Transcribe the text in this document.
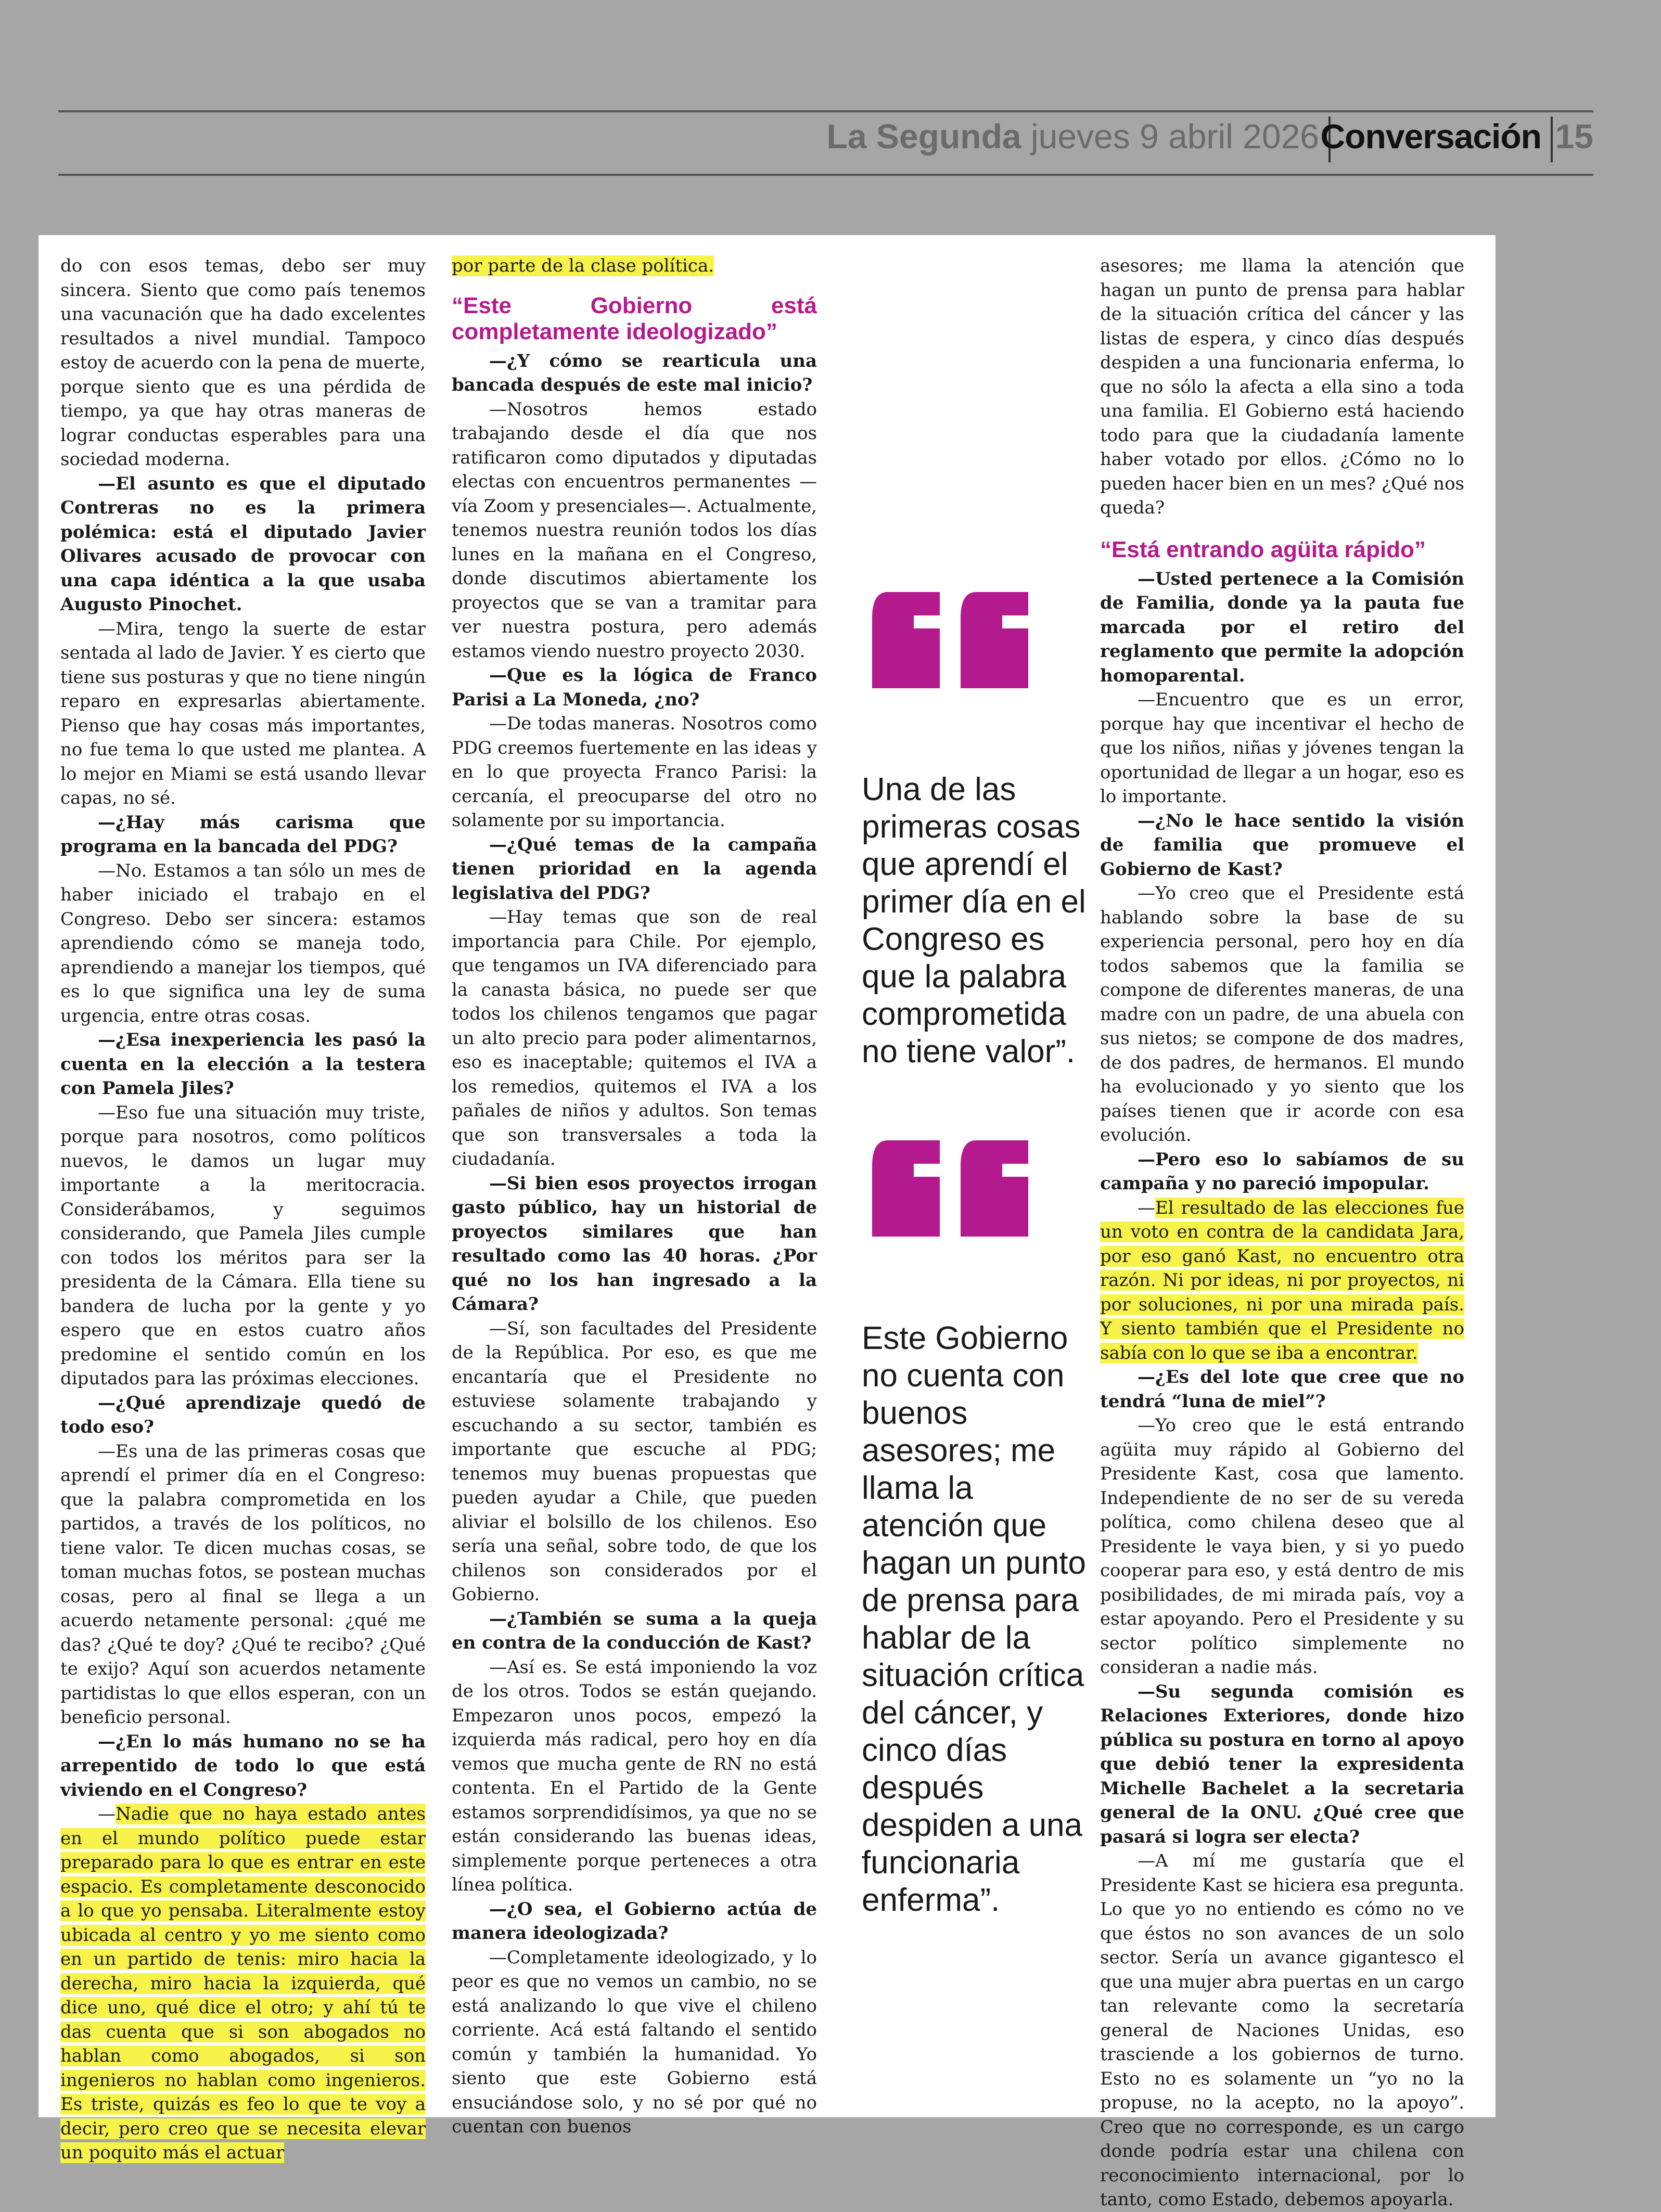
La Segunda jueves 9 abril 2026 Conversación 15

do con esos temas, debo ser muy sincera. Siento que como país tenemos una vacunación que ha dado excelentes resultados a nivel mundial. Tampoco estoy de acuerdo con la pena de muerte, porque siento que es una pérdida de tiempo, ya que hay otras maneras de lograr conductas esperables para una sociedad moderna.

—El asunto es que el diputado Contreras no es la primera polémica: está el diputado Javier Olivares acusado de provocar con una capa idéntica a la que usaba Augusto Pinochet.

—Mira, tengo la suerte de estar sentada al lado de Javier. Y es cierto que tiene sus posturas y que no tiene ningún reparo en expresarlas abiertamente. Pienso que hay cosas más importantes, no fue tema lo que usted me plantea. A lo mejor en Miami se está usando llevar capas, no sé.

—¿Hay más carisma que programa en la bancada del PDG?

—No. Estamos a tan sólo un mes de haber iniciado el trabajo en el Congreso. Debo ser sincera: estamos aprendiendo cómo se maneja todo, aprendiendo a manejar los tiempos, qué es lo que significa una ley de suma urgencia, entre otras cosas.

—¿Esa inexperiencia les pasó la cuenta en la elección a la testera con Pamela Jiles?

—Eso fue una situación muy triste, porque para nosotros, como políticos nuevos, le damos un lugar muy importante a la meritocracia. Considerábamos, y seguimos considerando, que Pamela Jiles cumple con todos los méritos para ser la presidenta de la Cámara. Ella tiene su bandera de lucha por la gente y yo espero que en estos cuatro años predomine el sentido común en los diputados para las próximas elecciones.

—¿Qué aprendizaje quedó de todo eso?

—Es una de las primeras cosas que aprendí el primer día en el Congreso: que la palabra comprometida en los partidos, a través de los políticos, no tiene valor. Te dicen muchas cosas, se toman muchas fotos, se postean muchas cosas, pero al final se llega a un acuerdo netamente personal: ¿qué me das? ¿Qué te doy? ¿Qué te recibo? ¿Qué te exijo? Aquí son acuerdos netamente partidistas lo que ellos esperan, con un beneficio personal.

—¿En lo más humano no se ha arrepentido de todo lo que está viviendo en el Congreso?

—Nadie que no haya estado antes en el mundo político puede estar preparado para lo que es entrar en este espacio. Es completamente desconocido a lo que yo pensaba. Literalmente estoy ubicada al centro y yo me siento como en un partido de tenis: miro hacia la derecha, miro hacia la izquierda, qué dice uno, qué dice el otro; y ahí tú te das cuenta que si son abogados no hablan como abogados, si son ingenieros no hablan como ingenieros. Es triste, quizás es feo lo que te voy a decir, pero creo que se necesita elevar un poquito más el actuar

por parte de la clase política.

“Este Gobierno está completamente ideologizado”

—¿Y cómo se rearticula una bancada después de este mal inicio?

—Nosotros hemos estado trabajando desde el día que nos ratificaron como diputados y diputadas electas con encuentros permanentes —vía Zoom y presenciales—. Actualmente, tenemos nuestra reunión todos los días lunes en la mañana en el Congreso, donde discutimos abiertamente los proyectos que se van a tramitar para ver nuestra postura, pero además estamos viendo nuestro proyecto 2030.

—Que es la lógica de Franco Parisi a La Moneda, ¿no?

—De todas maneras. Nosotros como PDG creemos fuertemente en las ideas y en lo que proyecta Franco Parisi: la cercanía, el preocuparse del otro no solamente por su importancia.

—¿Qué temas de la campaña tienen prioridad en la agenda legislativa del PDG?

—Hay temas que son de real importancia para Chile. Por ejemplo, que tengamos un IVA diferenciado para la canasta básica, no puede ser que todos los chilenos tengamos que pagar un alto precio para poder alimentarnos, eso es inaceptable; quitemos el IVA a los remedios, quitemos el IVA a los pañales de niños y adultos. Son temas que son transversales a toda la ciudadanía.

—Si bien esos proyectos irrogan gasto público, hay un historial de proyectos similares que han resultado como las 40 horas. ¿Por qué no los han ingresado a la Cámara?

—Sí, son facultades del Presidente de la República. Por eso, es que me encantaría que el Presidente no estuviese solamente trabajando y escuchando a su sector, también es importante que escuche al PDG; tenemos muy buenas propuestas que pueden ayudar a Chile, que pueden aliviar el bolsillo de los chilenos. Eso sería una señal, sobre todo, de que los chilenos son considerados por el Gobierno.

—¿También se suma a la queja en contra de la conducción de Kast?

—Así es. Se está imponiendo la voz de los otros. Todos se están quejando. Empezaron unos pocos, empezó la izquierda más radical, pero hoy en día vemos que mucha gente de RN no está contenta. En el Partido de la Gente estamos sorprendidísimos, ya que no se están considerando las buenas ideas, simplemente porque perteneces a otra línea política.

—¿O sea, el Gobierno actúa de manera ideologizada?

—Completamente ideologizado, y lo peor es que no vemos un cambio, no se está analizando lo que vive el chileno corriente. Acá está faltando el sentido común y también la humanidad. Yo siento que este Gobierno está ensuciándose solo, y no sé por qué no cuentan con buenos

Una de las primeras cosas que aprendí el primer día en el Congreso es que la palabra comprometida no tiene valor”.
Este Gobierno no cuenta con buenos asesores; me llama la atención que hagan un punto de prensa para hablar de la situación crítica del cáncer, y cinco días después despiden a una funcionaria enferma”.

asesores; me llama la atención que hagan un punto de prensa para hablar de la situación crítica del cáncer y las listas de espera, y cinco días después despiden a una funcionaria enferma, lo que no sólo la afecta a ella sino a toda una familia. El Gobierno está haciendo todo para que la ciudadanía lamente haber votado por ellos. ¿Cómo no lo pueden hacer bien en un mes? ¿Qué nos queda?

“Está entrando agüita rápido”

—Usted pertenece a la Comisión de Familia, donde ya la pauta fue marcada por el retiro del reglamento que permite la adopción homoparental.

—Encuentro que es un error, porque hay que incentivar el hecho de que los niños, niñas y jóvenes tengan la oportunidad de llegar a un hogar, eso es lo importante.

—¿No le hace sentido la visión de familia que promueve el Gobierno de Kast?

—Yo creo que el Presidente está hablando sobre la base de su experiencia personal, pero hoy en día todos sabemos que la familia se compone de diferentes maneras, de una madre con un padre, de una abuela con sus nietos; se compone de dos madres, de dos padres, de hermanos. El mundo ha evolucionado y yo siento que los países tienen que ir acorde con esa evolución.

—Pero eso lo sabíamos de su campaña y no pareció impopular.

—El resultado de las elecciones fue un voto en contra de la candidata Jara, por eso ganó Kast, no encuentro otra razón. Ni por ideas, ni por proyectos, ni por soluciones, ni por una mirada país. Y siento también que el Presidente no sabía con lo que se iba a encontrar.

—¿Es del lote que cree que no tendrá “luna de miel”?

—Yo creo que le está entrando agüita muy rápido al Gobierno del Presidente Kast, cosa que lamento. Independiente de no ser de su vereda política, como chilena deseo que al Presidente le vaya bien, y si yo puedo cooperar para eso, y está dentro de mis posibilidades, de mi mirada país, voy a estar apoyando. Pero el Presidente y su sector político simplemente no consideran a nadie más.

—Su segunda comisión es Relaciones Exteriores, donde hizo pública su postura en torno al apoyo que debió tener la expresidenta Michelle Bachelet a la secretaria general de la ONU. ¿Qué cree que pasará si logra ser electa?

—A mí me gustaría que el Presidente Kast se hiciera esa pregunta. Lo que yo no entiendo es cómo no ve que éstos no son avances de un solo sector. Sería un avance gigantesco el que una mujer abra puertas en un cargo tan relevante como la secretaría general de Naciones Unidas, eso trasciende a los gobiernos de turno. Esto no es solamente un “yo no la propuse, no la acepto, no la apoyo”. Creo que no corresponde, es un cargo donde podría estar una chilena con reconocimiento internacional, por lo tanto, como Estado, debemos apoyarla.
